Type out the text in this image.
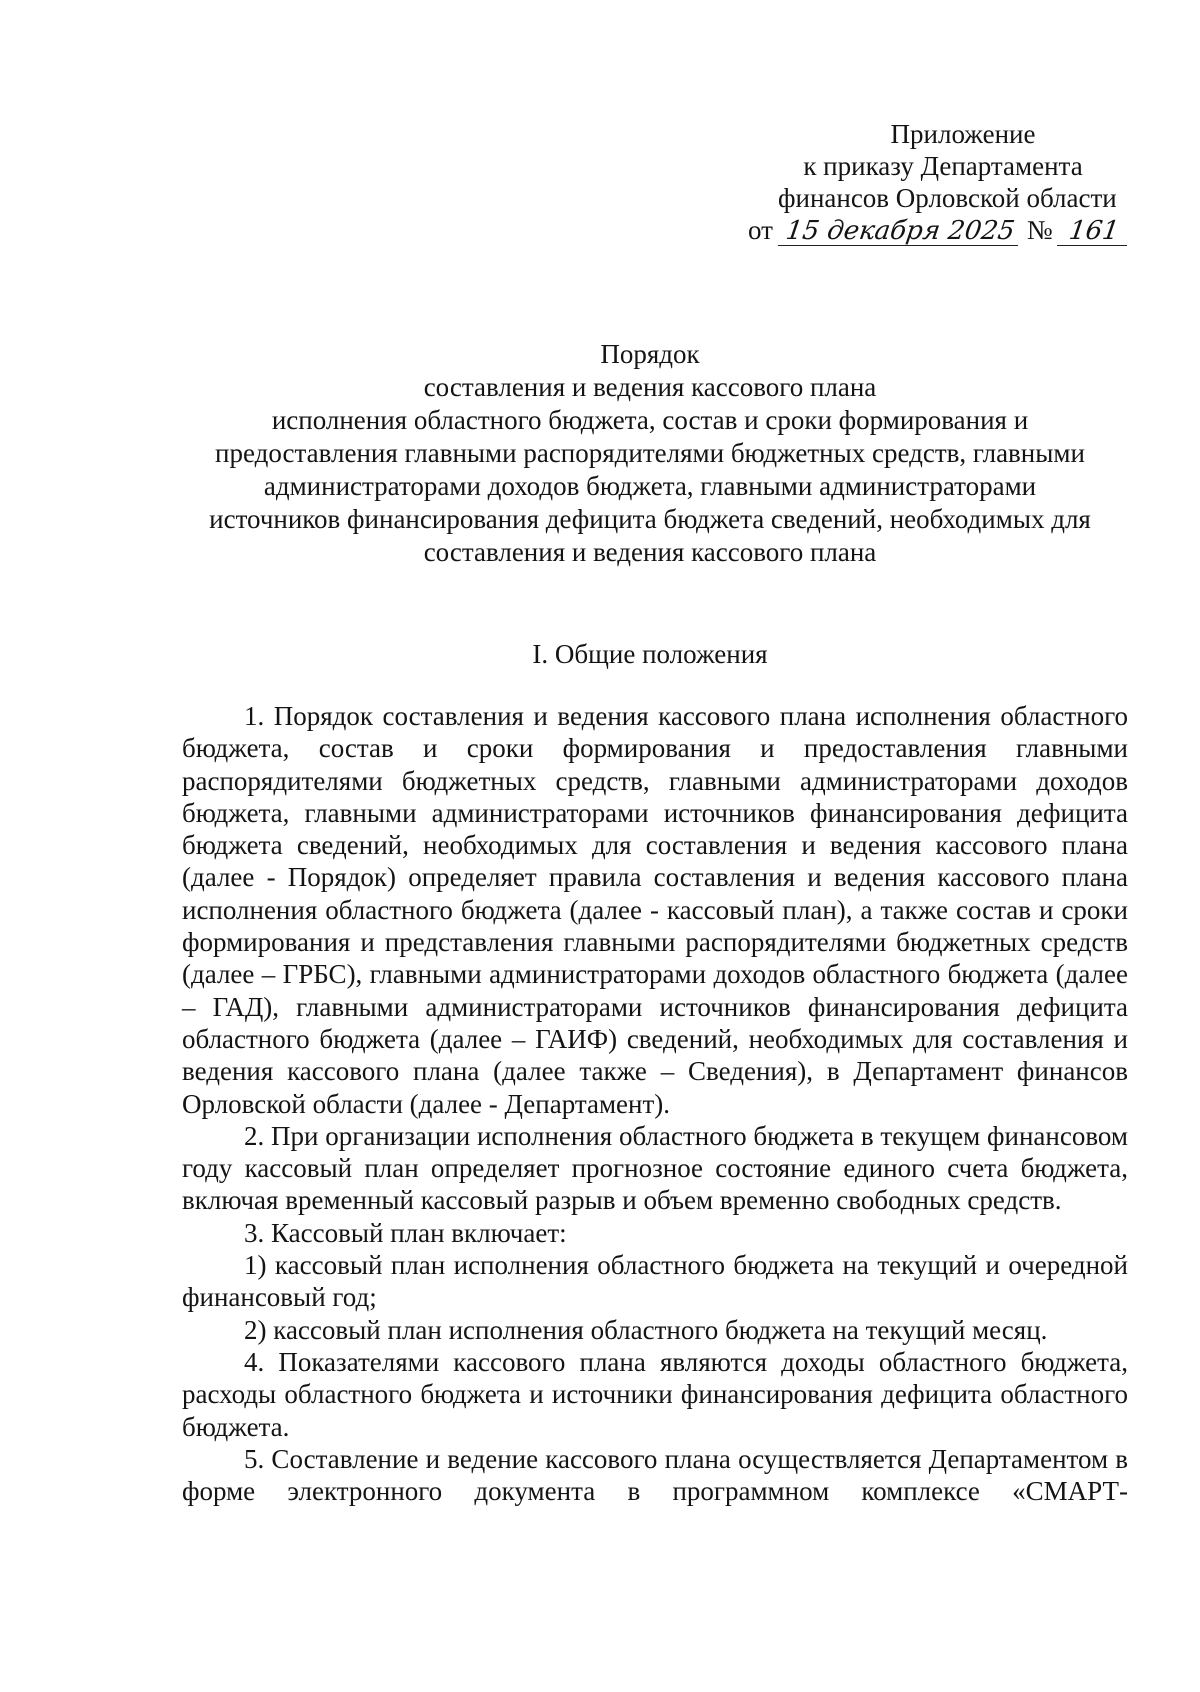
Приложение
к приказу Департамента
финансов Орловской области
от 15 декабря 2025 № 161
Порядок
составления и ведения кассового плана
исполнения областного бюджета, состав и сроки формирования и
предоставления главными распорядителями бюджетных средств, главными
администраторами доходов бюджета, главными администраторами
источников финансирования дефицита бюджета сведений, необходимых для
составления и ведения кассового плана
I. Общие положения

1. Порядок составления и ведения кассового плана исполнения областного бюджета, состав и сроки формирования и предоставления главными распорядителями бюджетных средств, главными администраторами доходов бюджета, главными администраторами источников финансирования дефицита бюджета сведений, необходимых для составления и ведения кассового плана (далее - Порядок) определяет правила составления и ведения кассового плана исполнения областного бюджета (далее - кассовый план), а также состав и сроки формирования и представления главными распорядителями бюджетных средств (далее – ГРБС), главными администраторами доходов областного бюджета (далее – ГАД), главными администраторами источников финансирования дефицита областного бюджета (далее – ГАИФ) сведений, необходимых для составления и ведения кассового плана (далее также – Сведения), в Департамент финансов Орловской области (далее - Департамент).

2. При организации исполнения областного бюджета в текущем финансовом году кассовый план определяет прогнозное состояние единого счета бюджета, включая временный кассовый разрыв и объем временно свободных средств.

3. Кассовый план включает:

1) кассовый план исполнения областного бюджета на текущий и очередной финансовый год;

2) кассовый план исполнения областного бюджета на текущий месяц.

4. Показателями кассового плана являются доходы областного бюджета, расходы областного бюджета и источники финансирования дефицита областного бюджета.

5. Составление и ведение кассового плана осуществляется Департаментом в форме электронного документа в программном комплексе «СМАРТ-
